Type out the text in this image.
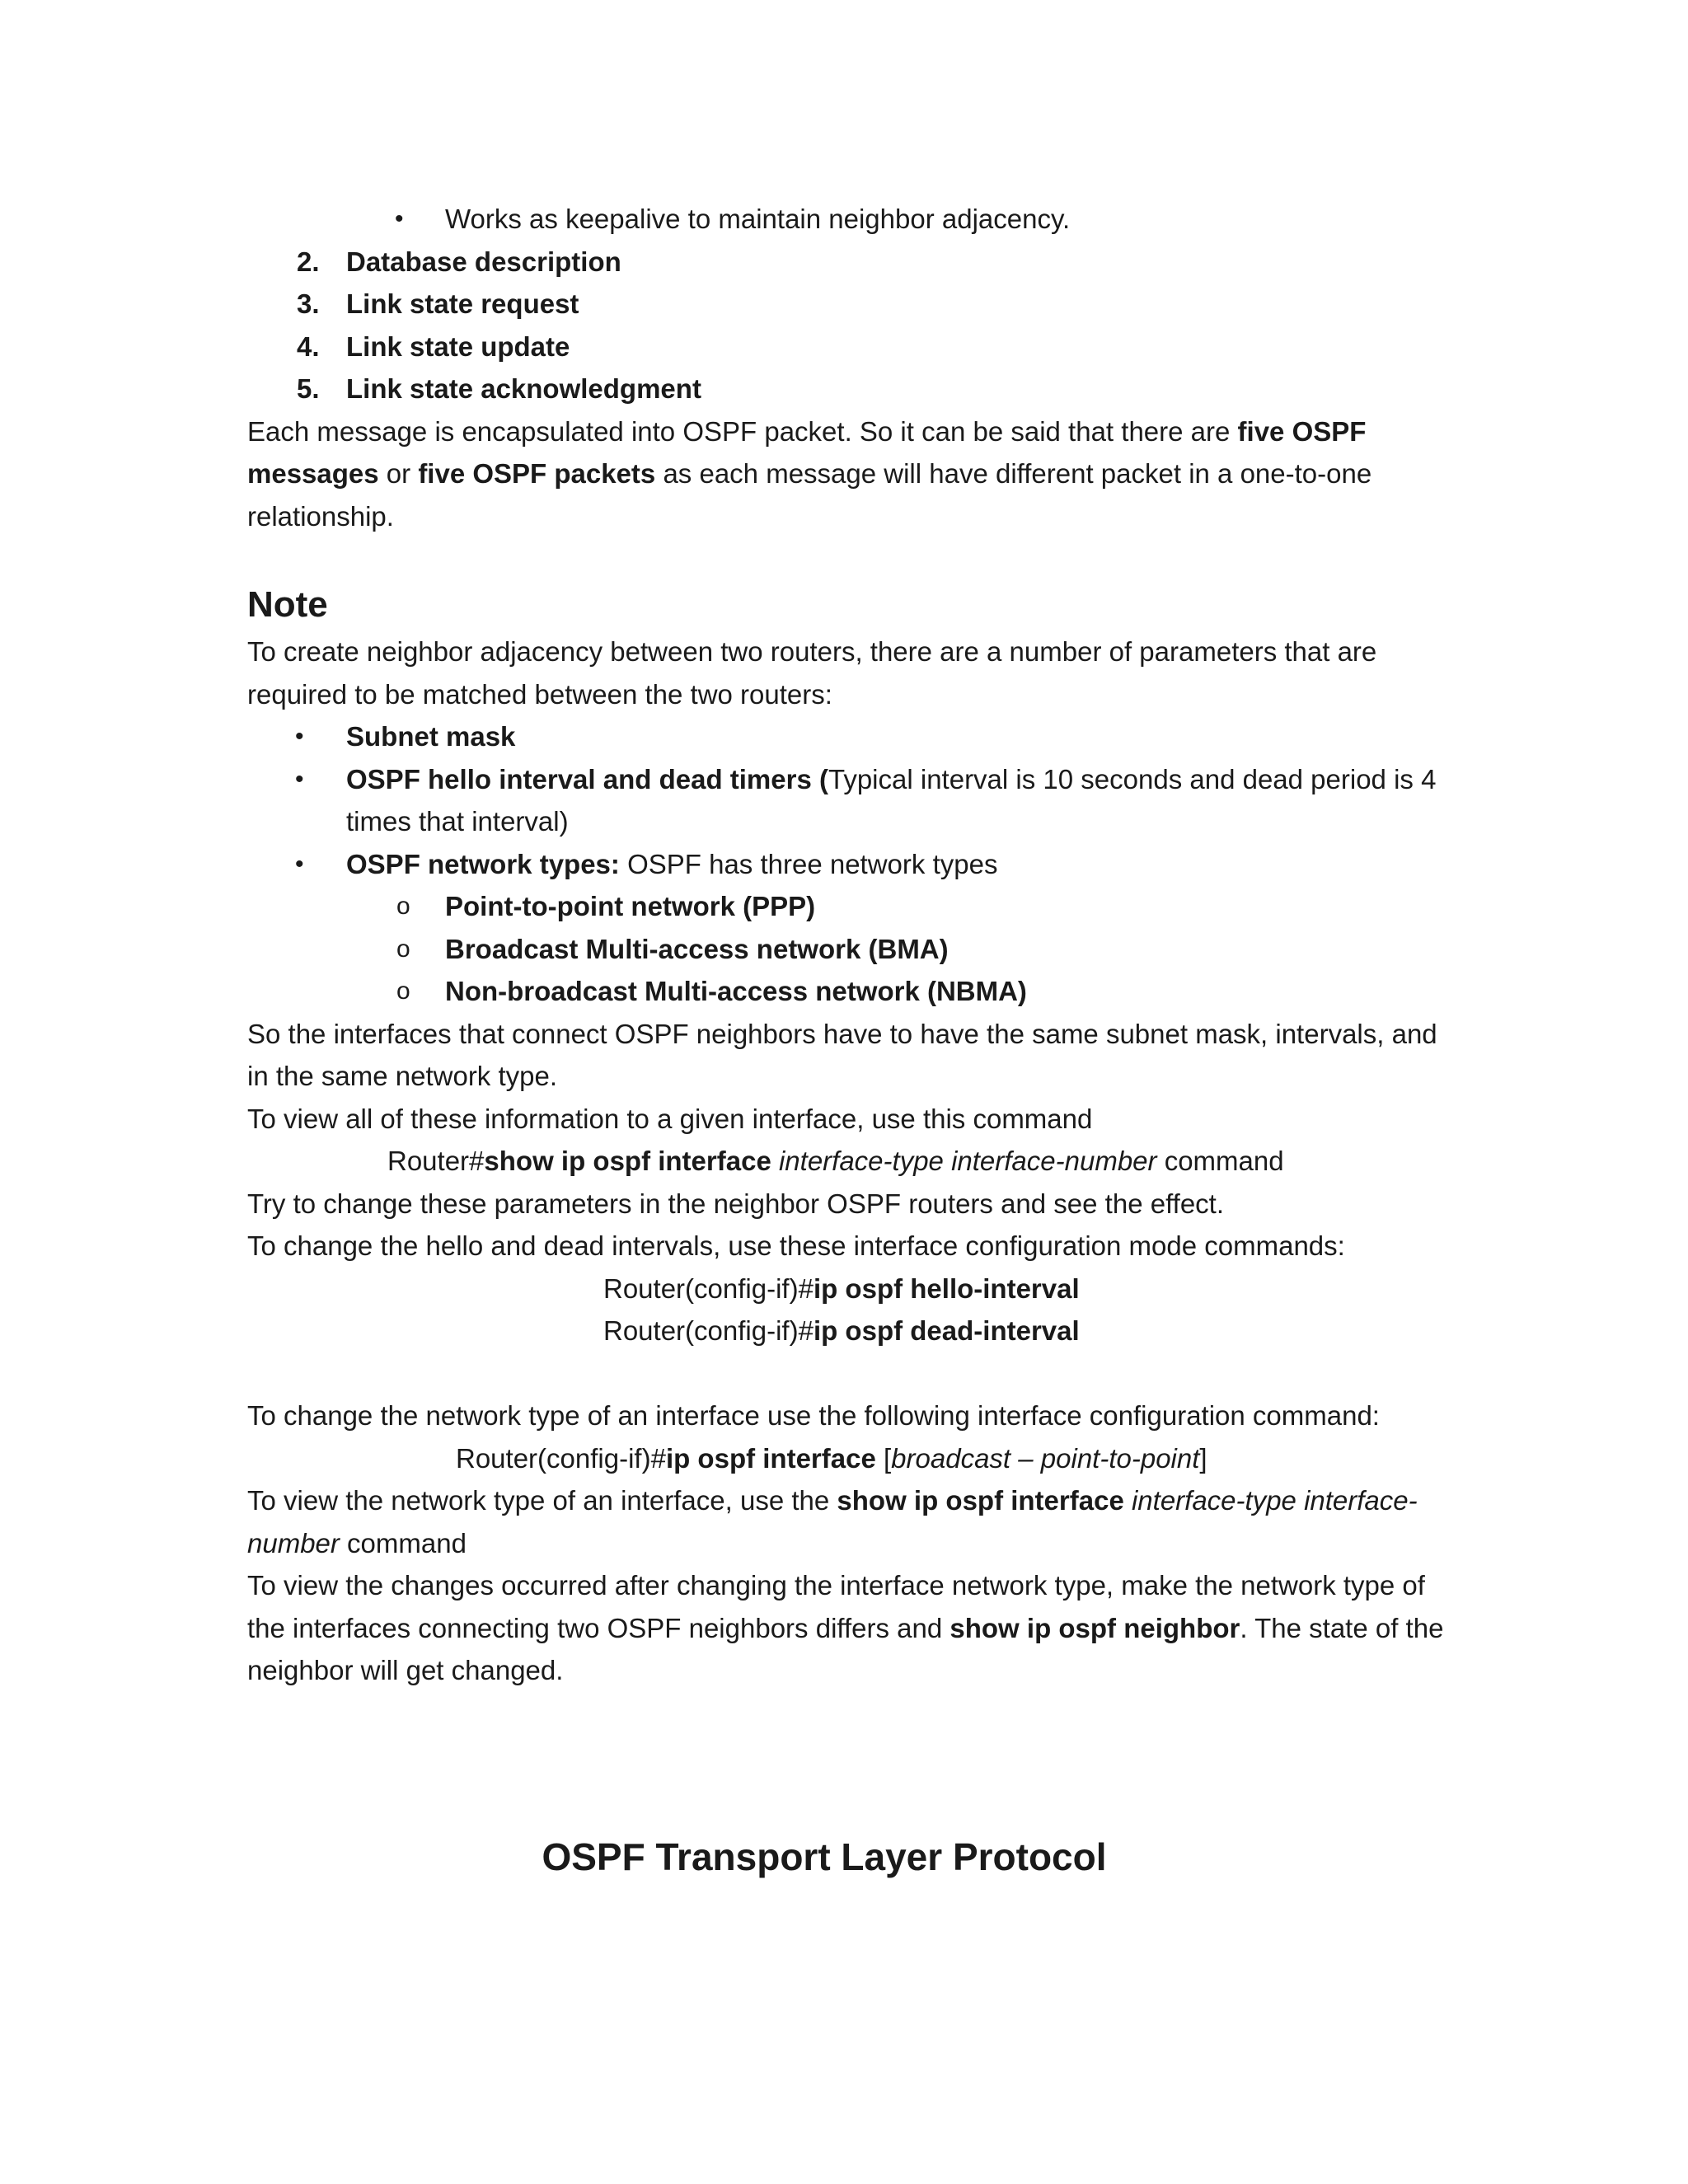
• Works as keepalive to maintain neighbor adjacency.
2. Database description
3. Link state request
4. Link state update
5. Link state acknowledgment

Each message is encapsulated into OSPF packet. So it can be said that there are five OSPF messages or five OSPF packets as each message will have different packet in a one-to-one relationship.

Note

To create neighbor adjacency between two routers, there are a number of parameters that are required to be matched between the two routers:

• Subnet mask
• OSPF hello interval and dead timers (Typical interval is 10 seconds and dead period is 4 times that interval)
• OSPF network types: OSPF has three network types
o Point-to-point network (PPP)
o Broadcast Multi-access network (BMA)
o Non-broadcast Multi-access network (NBMA)

So the interfaces that connect OSPF neighbors have to have the same subnet mask, intervals, and in the same network type.

To view all of these information to a given interface, use this command

Router#show ip ospf interface interface-type interface-number command

Try to change these parameters in the neighbor OSPF routers and see the effect.

To change the hello and dead intervals, use these interface configuration mode commands:

Router(config-if)#ip ospf hello-interval

Router(config-if)#ip ospf dead-interval

To change the network type of an interface use the following interface configuration command:

Router(config-if)#ip ospf interface [broadcast – point-to-point]

To view the network type of an interface, use the show ip ospf interface interface-type interface-number command

To view the changes occurred after changing the interface network type, make the network type of the interfaces connecting two OSPF neighbors differs and show ip ospf neighbor. The state of the neighbor will get changed.

OSPF Transport Layer Protocol
